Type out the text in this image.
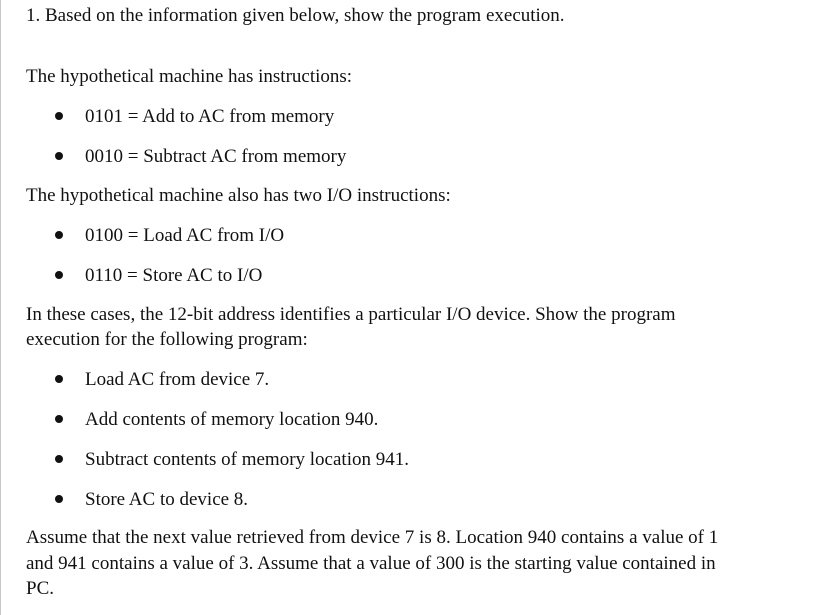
1. Based on the information given below, show the program execution.
The hypothetical machine has instructions:
0101 = Add to AC from memory
0010 = Subtract AC from memory
The hypothetical machine also has two I/O instructions:
0100 = Load AC from I/O
0110 = Store AC to I/O
In these cases, the 12-bit address identifies a particular I/O device. Show the program
execution for the following program:
Load AC from device 7.
Add contents of memory location 940.
Subtract contents of memory location 941.
Store AC to device 8.
Assume that the next value retrieved from device 7 is 8. Location 940 contains a value of 1
and 941 contains a value of 3. Assume that a value of 300 is the starting value contained in
PC.
